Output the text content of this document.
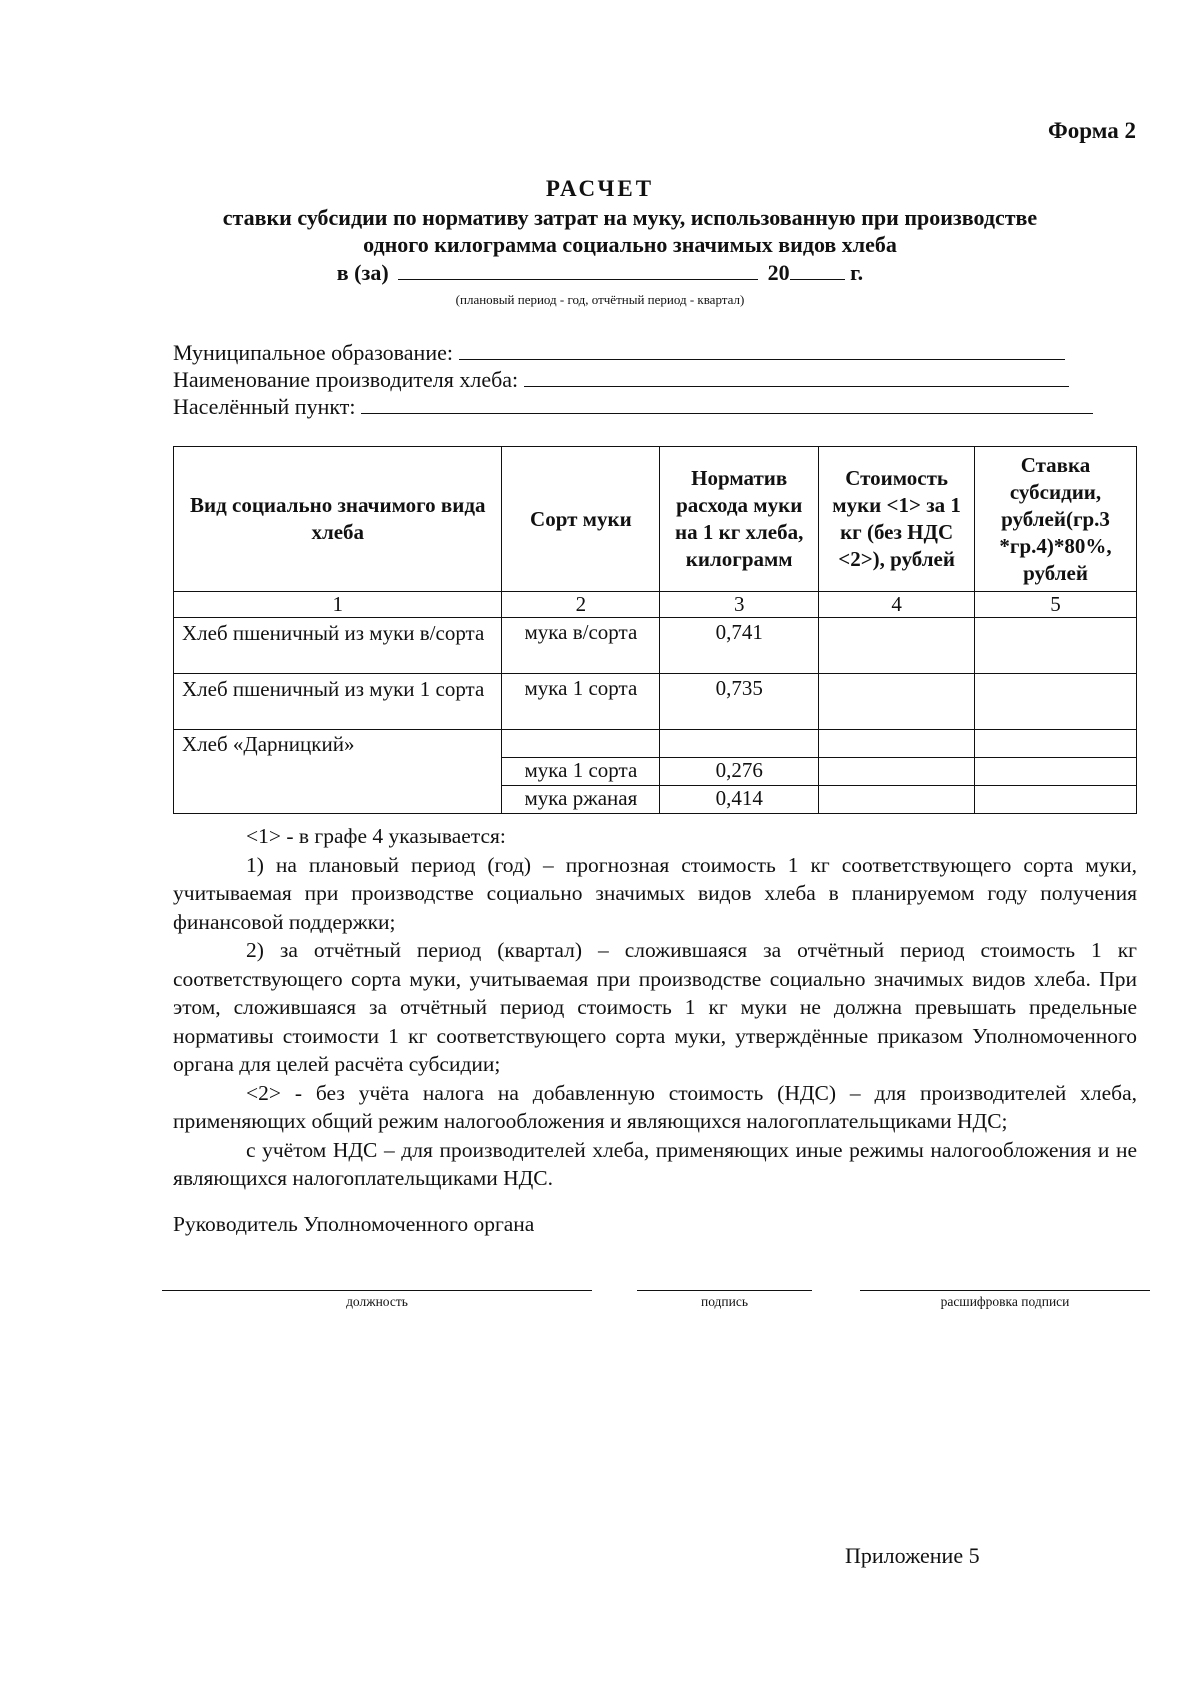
Форма 2
РАСЧЕТ
ставки субсидии по нормативу затрат на муку, использованную при производстве
одного килограмма социально значимых видов хлеба
в (за)	20	г.
(плановый период - год, отчётный период - квартал)
Муниципальное образование:
Наименование производителя хлеба:
Населённый пункт:
Вид социально значимого вида хлеба	Сорт муки	Норматив расхода муки на 1 кг хлеба, килограмм	Стоимость муки <1> за 1 кг (без НДС <2>), рублей	Ставка субсидии, рублей(гр.3 *гр.4)*80%, рублей
1	2	3	4	5
Хлеб пшеничный из муки в/сорта	мука в/сорта	0,741		
Хлеб пшеничный из муки 1 сорта	мука 1 сорта	0,735		
Хлеб «Дарницкий»				
	мука 1 сорта	0,276		
	мука ржаная	0,414		

<1> - в графе 4 указывается:

1) на плановый период (год) – прогнозная стоимость 1 кг соответствующего сорта муки, учитываемая при производстве социально значимых видов хлеба в планируемом году получения финансовой поддержки;

2) за отчётный период (квартал) – сложившаяся за отчётный период стоимость 1 кг соответствующего сорта муки, учитываемая при производстве социально значимых видов хлеба. При этом, сложившаяся за отчётный период стоимость 1 кг муки не должна превышать предельные нормативы стоимости 1 кг соответствующего сорта муки, утверждённые приказом Уполномоченного органа для целей расчёта субсидии;

<2> - без учёта налога на добавленную стоимость (НДС) – для производителей хлеба, применяющих общий режим налогообложения и являющихся налогоплательщиками НДС;

с учётом НДС – для производителей хлеба, применяющих иные режимы налогообложения и не являющихся налогоплательщиками НДС.

Руководитель Уполномоченного органа
должность	подпись	расшифровка подписи
Приложение 5
